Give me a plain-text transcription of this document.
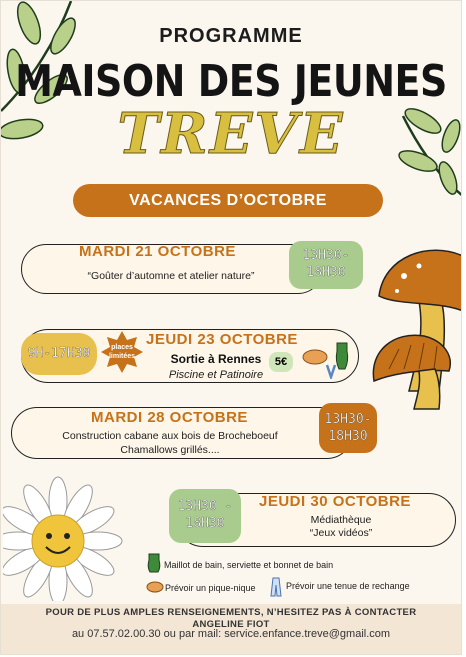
PROGRAMME
MAISON DES JEUNES
TREVE
VACANCES D’OCTOBRE
MARDI 21 OCTOBRE
“Goûter d’automne et atelier nature”
13H30-
18H30
9H-17H30	places
limitées
JEUDI 23 OCTOBRE
Sortie à Rennes
Piscine et Patinoire
5€
MARDI 28 OCTOBRE
Construction cabane aux bois de Brocheboeuf
Chamallows grillés....
13H30-
18H30
13H30 -
18H30
JEUDI 30 OCTOBRE
Médiathèque
“Jeux vidéos”
Maillot de bain, serviette et bonnet de bain
Prévoir un pique-nique	Prévoir une tenue de rechange
POUR DE PLUS AMPLES RENSEIGNEMENTS, N’HESITEZ PAS À CONTACTER
ANGELINE FIOT
au 07.57.02.00.30 ou par mail: service.enfance.treve@gmail.com
